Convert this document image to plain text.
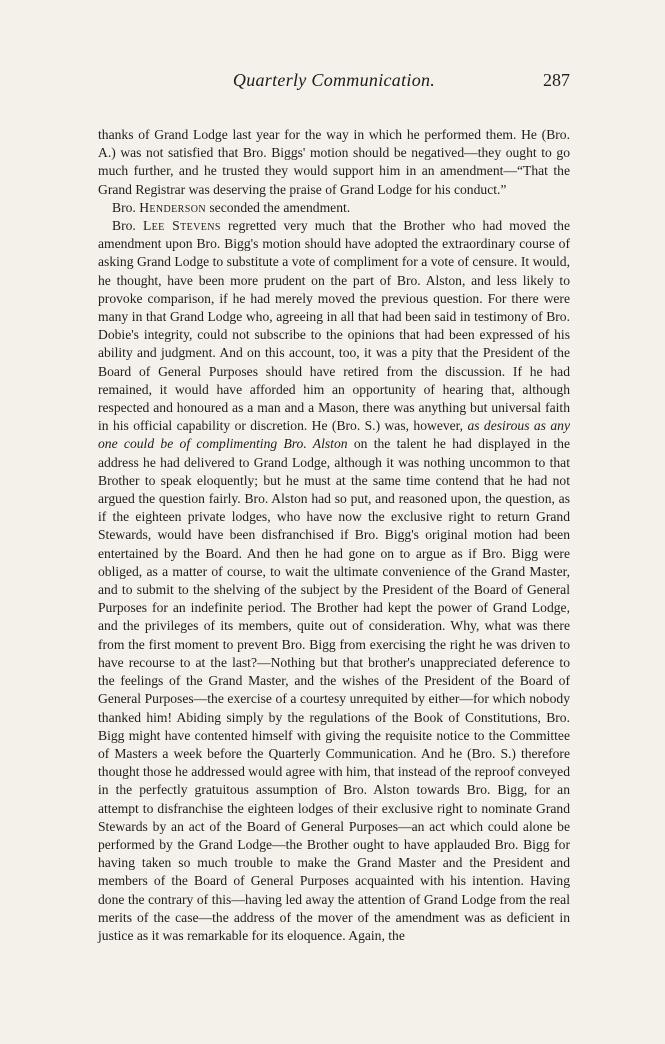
Quarterly Communication.	287

thanks of Grand Lodge last year for the way in which he performed them. He (Bro. A.) was not satisfied that Bro. Biggs' motion should be negatived—they ought to go much further, and he trusted they would support him in an amendment—“That the Grand Registrar was deserving the praise of Grand Lodge for his conduct.”

Bro. Henderson seconded the amendment.

Bro. Lee Stevens regretted very much that the Brother who had moved the amendment upon Bro. Bigg's motion should have adopted the extraordinary course of asking Grand Lodge to substitute a vote of compliment for a vote of censure. It would, he thought, have been more prudent on the part of Bro. Alston, and less likely to provoke comparison, if he had merely moved the previous question. For there were many in that Grand Lodge who, agreeing in all that had been said in testimony of Bro. Dobie's integrity, could not subscribe to the opinions that had been expressed of his ability and judgment. And on this account, too, it was a pity that the President of the Board of General Purposes should have retired from the discussion. If he had remained, it would have afforded him an opportunity of hearing that, although respected and honoured as a man and a Mason, there was anything but universal faith in his official capability or discretion. He (Bro. S.) was, however, as desirous as any one could be of complimenting Bro. Alston on the talent he had displayed in the address he had delivered to Grand Lodge, although it was nothing uncommon to that Brother to speak eloquently; but he must at the same time contend that he had not argued the question fairly. Bro. Alston had so put, and reasoned upon, the question, as if the eighteen private lodges, who have now the exclusive right to return Grand Stewards, would have been disfranchised if Bro. Bigg's original motion had been entertained by the Board. And then he had gone on to argue as if Bro. Bigg were obliged, as a matter of course, to wait the ultimate convenience of the Grand Master, and to submit to the shelving of the subject by the President of the Board of General Purposes for an indefinite period. The Brother had kept the power of Grand Lodge, and the privileges of its members, quite out of consideration. Why, what was there from the first moment to prevent Bro. Bigg from exercising the right he was driven to have recourse to at the last?—Nothing but that brother's unappreciated deference to the feelings of the Grand Master, and the wishes of the President of the Board of General Purposes—the exercise of a courtesy unrequited by either—for which nobody thanked him! Abiding simply by the regulations of the Book of Constitutions, Bro. Bigg might have contented himself with giving the requisite notice to the Committee of Masters a week before the Quarterly Communication. And he (Bro. S.) therefore thought those he addressed would agree with him, that instead of the reproof conveyed in the perfectly gratuitous assumption of Bro. Alston towards Bro. Bigg, for an attempt to disfranchise the eighteen lodges of their exclusive right to nominate Grand Stewards by an act of the Board of General Purposes—an act which could alone be performed by the Grand Lodge—the Brother ought to have applauded Bro. Bigg for having taken so much trouble to make the Grand Master and the President and members of the Board of General Purposes acquainted with his intention. Having done the contrary of this—having led away the attention of Grand Lodge from the real merits of the case—the address of the mover of the amendment was as deficient in justice as it was remarkable for its eloquence. Again, the
